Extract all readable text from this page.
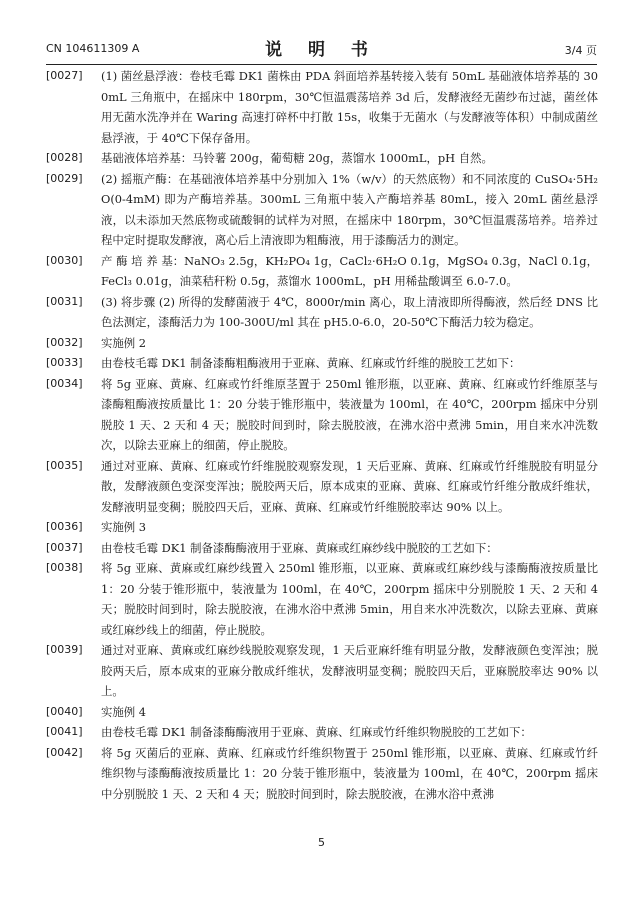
CN 104611309 A	说 明 书	3/4 页
[0027]	(1) 菌丝悬浮液：卷枝毛霉 DK1 菌株由 PDA 斜面培养基转接入装有 50mL 基础液体培养基的 300mL 三角瓶中，在摇床中 180rpm，30℃恒温震荡培养 3d 后，发酵液经无菌纱布过滤，菌丝体用无菌水洗净并在 Waring 高速打碎杯中打散 15s，收集于无菌水（与发酵液等体积）中制成菌丝悬浮液，于 40℃下保存备用。
[0028]	基础液体培养基：马铃薯 200g，葡萄糖 20g，蒸馏水 1000mL，pH 自然。
[0029]	(2) 摇瓶产酶：在基础液体培养基中分别加入 1%（w/v）的天然底物）和不同浓度的 CuSO₄·5H₂O(0-4mM) 即为产酶培养基。300mL 三角瓶中装入产酶培养基 80mL，接入 20mL 菌丝悬浮液，以未添加天然底物或硫酸铜的试样为对照，在摇床中 180rpm，30℃恒温震荡培养。培养过程中定时提取发酵液，离心后上清液即为粗酶液，用于漆酶活力的测定。
[0030]	产 酶 培 养 基：NaNO₃ 2.5g，KH₂PO₄ 1g，CaCl₂·6H₂O 0.1g，MgSO₄ 0.3g，NaCl 0.1g，FeCl₃ 0.01g，油菜秸秆粉 0.5g，蒸馏水 1000mL，pH 用稀盐酸调至 6.0-7.0。
[0031]	(3) 将步骤 (2) 所得的发酵菌液于 4℃，8000r/min 离心，取上清液即所得酶液，然后经 DNS 比色法测定，漆酶活力为 100-300U/ml 其在 pH5.0-6.0，20-50℃下酶活力较为稳定。
[0032]	实施例 2
[0033]	由卷枝毛霉 DK1 制备漆酶粗酶液用于亚麻、黄麻、红麻或竹纤维的脱胶工艺如下：
[0034]	将 5g 亚麻、黄麻、红麻或竹纤维原茎置于 250ml 锥形瓶，以亚麻、黄麻、红麻或竹纤维原茎与漆酶粗酶液按质量比 1：20 分装于锥形瓶中，装液量为 100ml，在 40℃，200rpm 摇床中分别脱胶 1 天、2 天和 4 天；脱胶时间到时，除去脱胶液，在沸水浴中煮沸 5min，用自来水冲洗数次，以除去亚麻上的细菌，停止脱胶。
[0035]	通过对亚麻、黄麻、红麻或竹纤维脱胶观察发现，1 天后亚麻、黄麻、红麻或竹纤维脱胶有明显分散，发酵液颜色变深变浑浊；脱胶两天后，原本成束的亚麻、黄麻、红麻或竹纤维分散成纤维状，发酵液明显变稠；脱胶四天后，亚麻、黄麻、红麻或竹纤维脱胶率达 90% 以上。
[0036]	实施例 3
[0037]	由卷枝毛霉 DK1 制备漆酶酶液用于亚麻、黄麻或红麻纱线中脱胶的工艺如下：
[0038]	将 5g 亚麻、黄麻或红麻纱线置入 250ml 锥形瓶，以亚麻、黄麻或红麻纱线与漆酶酶液按质量比 1：20 分装于锥形瓶中，装液量为 100ml，在 40℃，200rpm 摇床中分别脱胶 1 天、2 天和 4 天；脱胶时间到时，除去脱胶液，在沸水浴中煮沸 5min，用自来水冲洗数次，以除去亚麻、黄麻或红麻纱线上的细菌，停止脱胶。
[0039]	通过对亚麻、黄麻或红麻纱线脱胶观察发现，1 天后亚麻纤维有明显分散，发酵液颜色变浑浊；脱胶两天后，原本成束的亚麻分散成纤维状，发酵液明显变稠；脱胶四天后，亚麻脱胶率达 90% 以上。
[0040]	实施例 4
[0041]	由卷枝毛霉 DK1 制备漆酶酶液用于亚麻、黄麻、红麻或竹纤维织物脱胶的工艺如下：
[0042]	将 5g 灭菌后的亚麻、黄麻、红麻或竹纤维织物置于 250ml 锥形瓶，以亚麻、黄麻、红麻或竹纤维织物与漆酶酶液按质量比 1：20 分装于锥形瓶中，装液量为 100ml，在 40℃，200rpm 摇床中分别脱胶 1 天、2 天和 4 天；脱胶时间到时，除去脱胶液，在沸水浴中煮沸
5
